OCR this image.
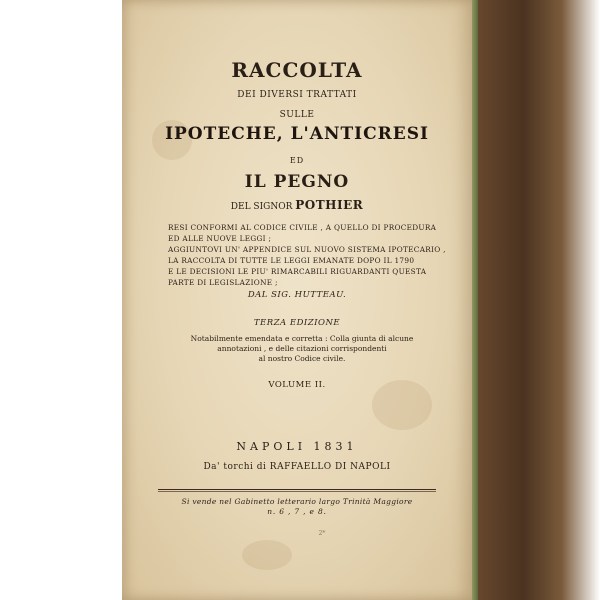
RACCOLTA
DEI DIVERSI TRATTATI
SULLE
IPOTECHE, L'ANTICRESI
ED
IL PEGNO
DEL SIGNOR POTHIER
RESI CONFORMI AL CODICE CIVILE , A QUELLO DI PROCEDURA
ED ALLE NUOVE LEGGI ;
AGGIUNTOVI UN' APPENDICE SUL NUOVO SISTEMA IPOTECARIO ,
LA RACCOLTA DI TUTTE LE LEGGI EMANATE DOPO IL 1790
E LE DECISIONI LE PIU' RIMARCABILI RIGUARDANTI QUESTA
PARTE DI LEGISLAZIONE ;
DAL SIG. HUTTEAU.
TERZA EDIZIONE
Notabilmente emendata e corretta : Colla giunta di alcune
annotazioni , e delle citazioni corrispondenti
al nostro Codice civile.
VOLUME II.
NAPOLI 1831
Da' torchi di RAFFAELLO DI NAPOLI
Si vende nel Gabinetto letterario largo Trinità Maggiore
n. 6 , 7 , e 8.
2*
